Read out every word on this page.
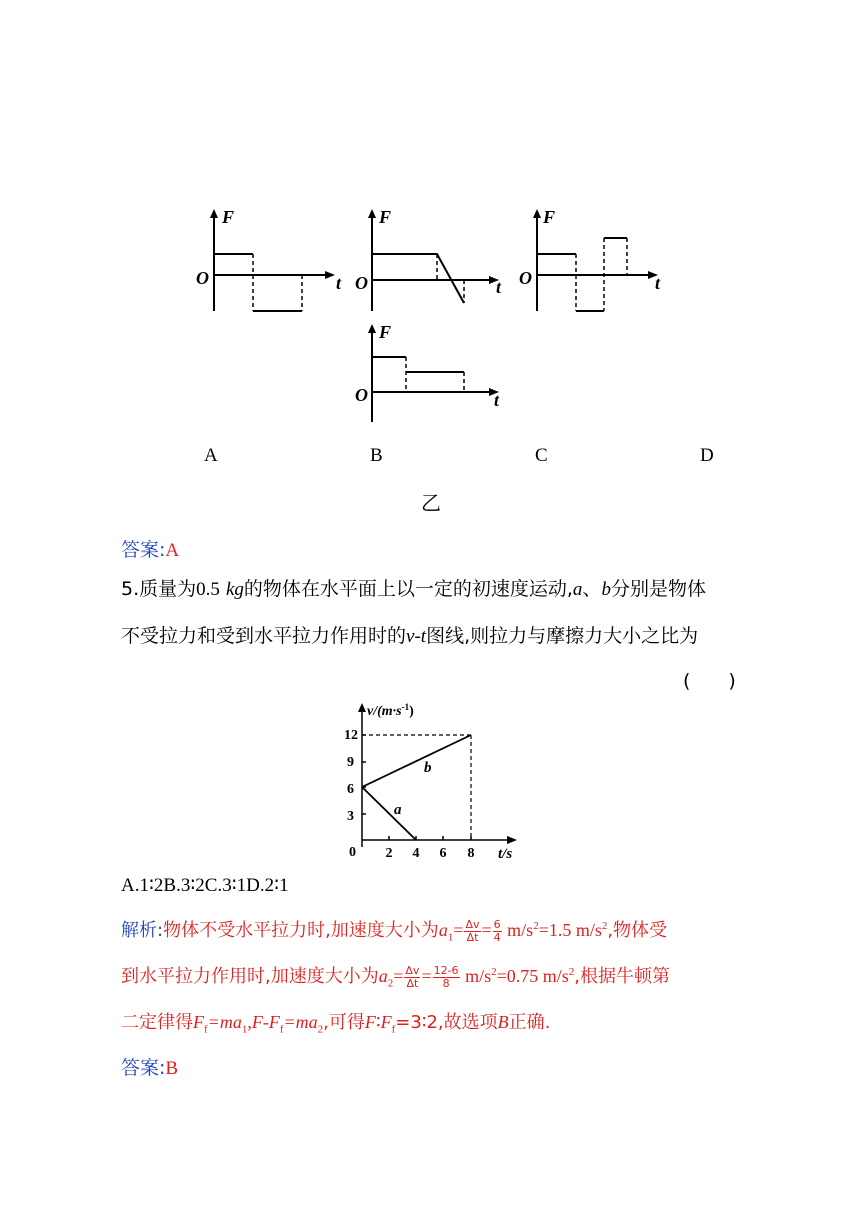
F
O	t
F
O	t
F
O	t
F
O	t
A	B	C	D
乙
答案:A
5.质量为0.5 kg的物体在水平面上以一定的初速度运动,a、b分别是物体
不受拉力和受到水平拉力作用时的v-t图线,则拉力与摩擦力大小之比为
(　　)
$v/(m\cdot s^{-1})$
12
9
6
3
0 2 4 6 8 t/s
b
a
A.1∶2B.3∶2C.3∶1D.2∶1
解析:物体不受水平拉力时,加速度大小为$a_1= \frac{\Delta v}{\Delta t} = \frac{6}{4} m/s^2=1.5$ $m/s^2$,物体受
到水平拉力作用时,加速度大小为$a_2= \frac{\Delta v}{\Delta t} = \frac{12-6}{8} m/s^2=0.75$ $m/s^2$,根据牛顿第
二定律得$F_f=ma_1,F-F_f=ma_2$,可得$F∶F_f=3∶2$,故选项B正确.
答案:B
